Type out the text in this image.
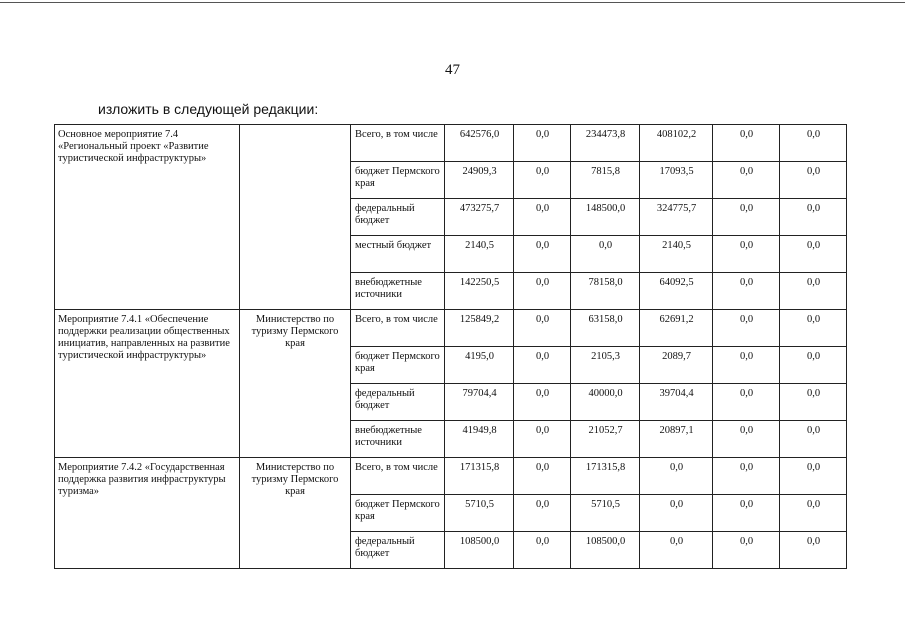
47
изложить в следующей редакции:
Основное мероприятие 7.4 «Региональный проект «Развитие туристической инфраструктуры»		Всего, в том числе	642576,0	0,0	234473,8	408102,2	0,0	0,0
		бюджет Пермского края	24909,3	0,0	7815,8	17093,5	0,0	0,0
		федеральный бюджет	473275,7	0,0	148500,0	324775,7	0,0	0,0
		местный бюджет	2140,5	0,0	0,0	2140,5	0,0	0,0
		внебюджетные источники	142250,5	0,0	78158,0	64092,5	0,0	0,0
Мероприятие 7.4.1 «Обеспечение поддержки реализации общественных инициатив, направленных на развитие туристической инфраструктуры»	Министерство по туризму Пермского края	Всего, в том числе	125849,2	0,0	63158,0	62691,2	0,0	0,0
		бюджет Пермского края	4195,0	0,0	2105,3	2089,7	0,0	0,0
		федеральный бюджет	79704,4	0,0	40000,0	39704,4	0,0	0,0
		внебюджетные источники	41949,8	0,0	21052,7	20897,1	0,0	0,0
Мероприятие 7.4.2 «Государственная поддержка развития инфраструктуры туризма»	Министерство по туризму Пермского края	Всего, в том числе	171315,8	0,0	171315,8	0,0	0,0	0,0
		бюджет Пермского края	5710,5	0,0	5710,5	0,0	0,0	0,0
		федеральный бюджет	108500,0	0,0	108500,0	0,0	0,0	0,0
